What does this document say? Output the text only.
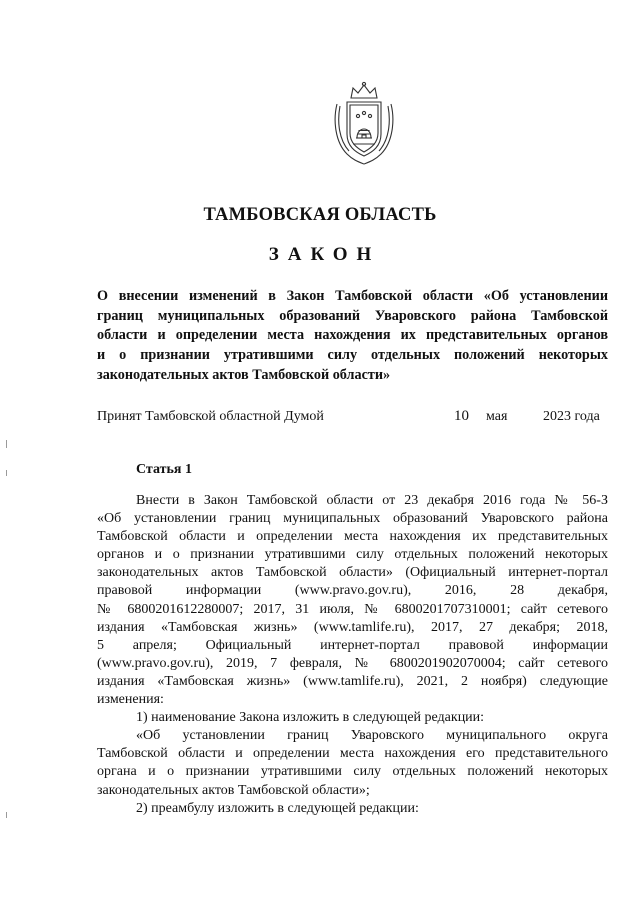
ТАМБОВСКАЯ ОБЛАСТЬ
ЗАКОН
О внесении изменений в Закон Тамбовской области «Об установлении
границ муниципальных образований Уваровского района Тамбовской
области и определении места нахождения их представительных органов
и о признании утратившими силу отдельных положений некоторых
законодательных актов Тамбовской области»
Принят Тамбовской областной Думой	10 мая	2023 года
Статья 1
Внести в Закон Тамбовской области от 23 декабря 2016 года № 56-З
«Об установлении границ муниципальных образований Уваровского района
Тамбовской области и определении места нахождения их представительных
органов и о признании утратившими силу отдельных положений некоторых
законодательных актов Тамбовской области» (Официальный интернет-портал
правовой информации (www.pravo.gov.ru), 2016, 28 декабря,
№ 6800201612280007; 2017, 31 июля, № 6800201707310001; сайт сетевого
издания «Тамбовская жизнь» (www.tamlife.ru), 2017, 27 декабря; 2018,
5 апреля; Официальный интернет-портал правовой информации
(www.pravo.gov.ru), 2019, 7 февраля, № 6800201902070004; сайт сетевого
издания «Тамбовская жизнь» (www.tamlife.ru), 2021, 2 ноября) следующие
изменения:
1) наименование Закона изложить в следующей редакции:
«Об установлении границ Уваровского муниципального округа
Тамбовской области и определении места нахождения его представительного
органа и о признании утратившими силу отдельных положений некоторых
законодательных актов Тамбовской области»;
2) преамбулу изложить в следующей редакции:
